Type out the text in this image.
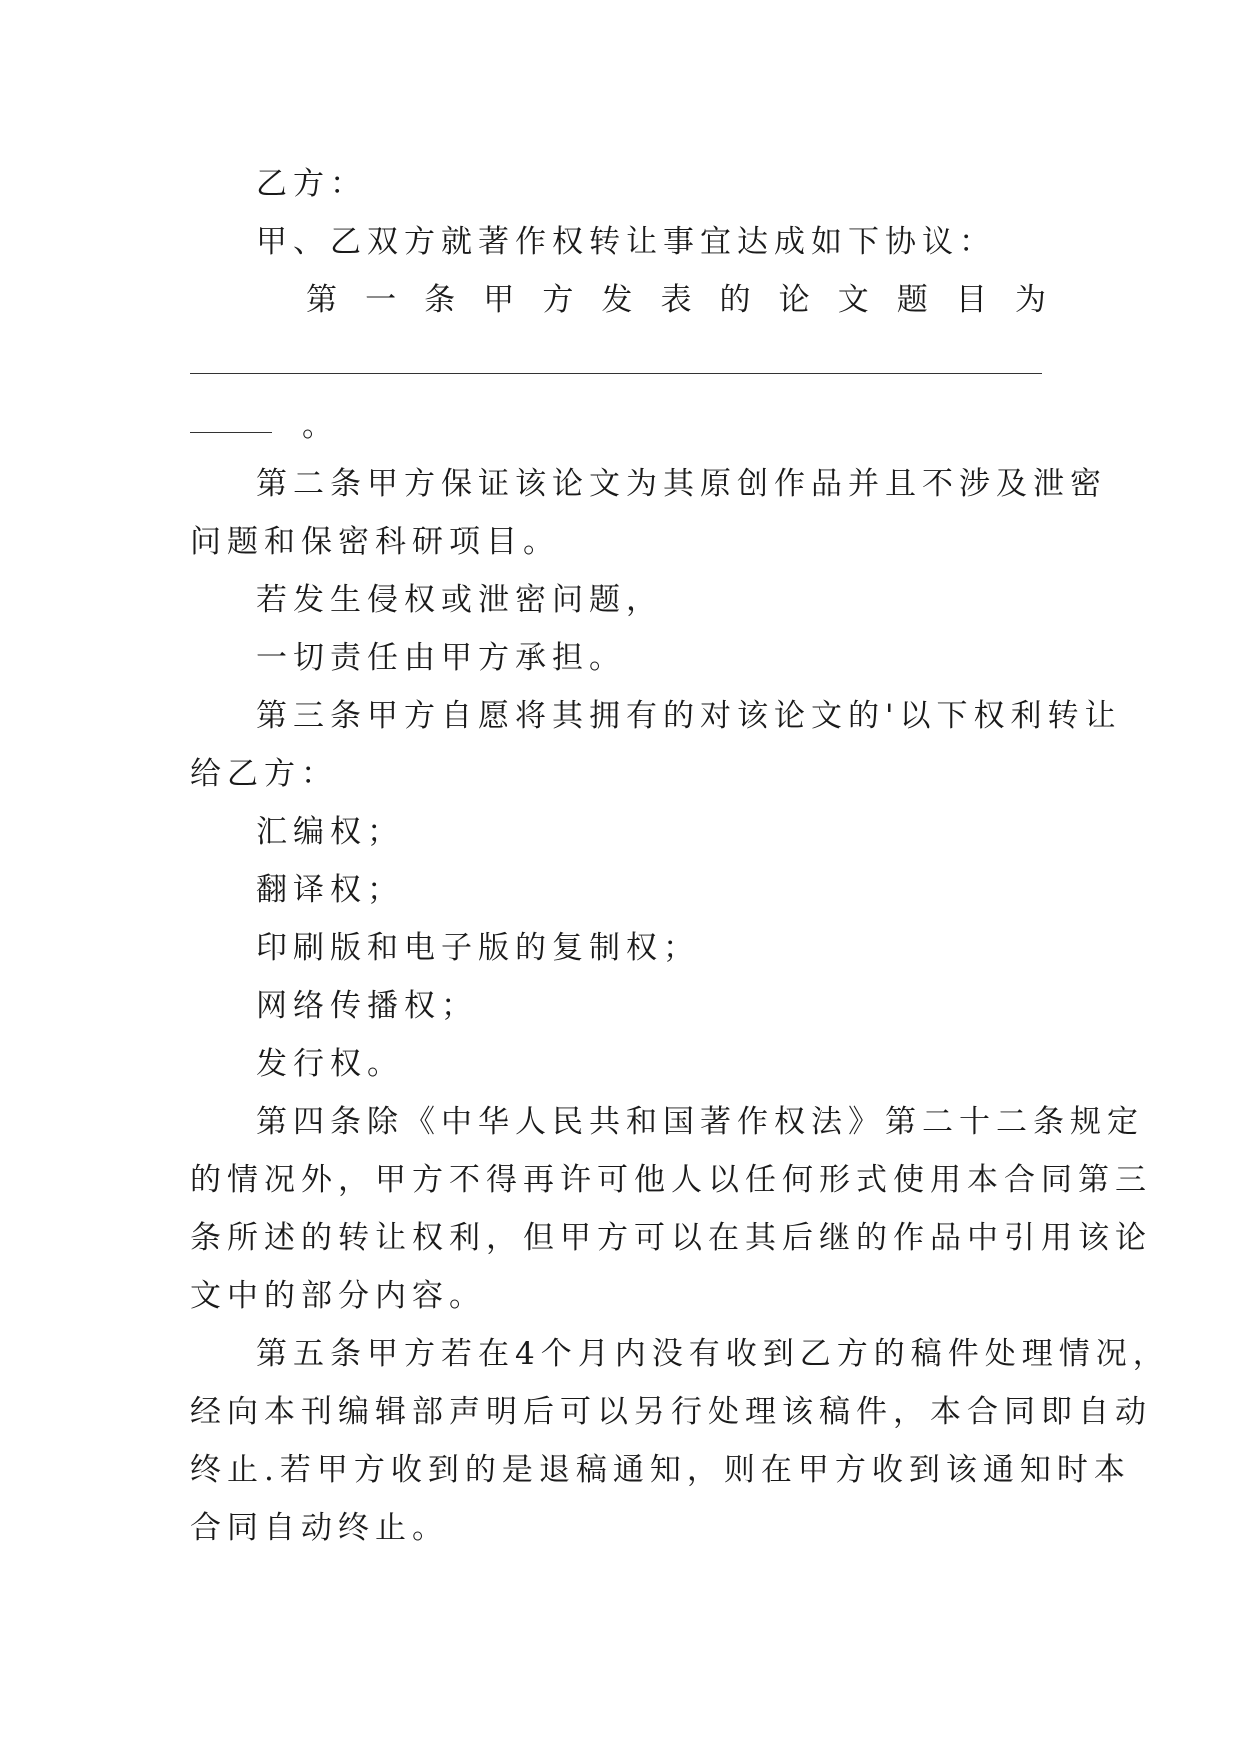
乙方：
甲、乙双方就著作权转让事宜达成如下协议：
第 一 条 甲 方 发 表 的 论 文 题 目 为
。
第二条甲方保证该论文为其原创作品并且不涉及泄密
问题和保密科研项目。
若发生侵权或泄密问题，
一切责任由甲方承担。
第三条甲方自愿将其拥有的对该论文的'以下权利转让
给乙方：
汇编权；
翻译权；
印刷版和电子版的复制权；
网络传播权；
发行权。
第四条除《中华人民共和国著作权法》第二十二条规定
的情况外，甲方不得再许可他人以任何形式使用本合同第三
条所述的转让权利，但甲方可以在其后继的作品中引用该论
文中的部分内容。
第五条甲方若在4个月内没有收到乙方的稿件处理情况，
经向本刊编辑部声明后可以另行处理该稿件，本合同即自动
终止.若甲方收到的是退稿通知，则在甲方收到该通知时本
合同自动终止。
